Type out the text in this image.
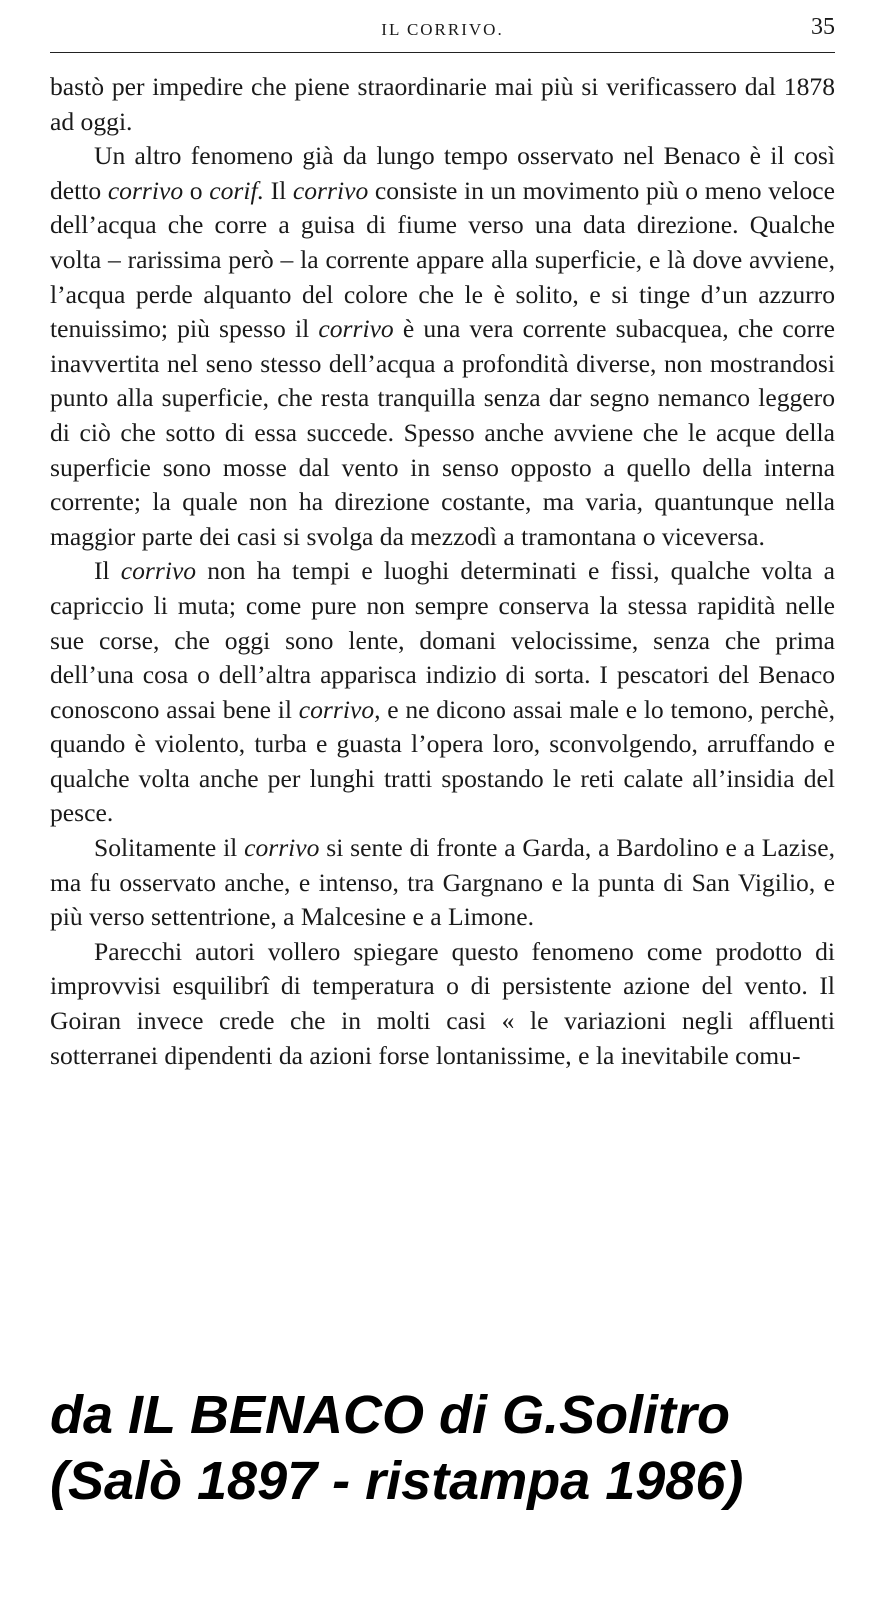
IL CORRIVO.	35

bastò per impedire che piene straordinarie mai più si verificassero dal 1878 ad oggi.

Un altro fenomeno già da lungo tempo osservato nel Benaco è il così detto corrivo o corif. Il corrivo consiste in un movimento più o meno veloce dell’acqua che corre a guisa di fiume verso una data direzione. Qualche volta – rarissima però – la corrente appare alla superficie, e là dove avviene, l’acqua perde alquanto del colore che le è solito, e si tinge d’un azzurro tenuissimo; più spesso il corrivo è una vera corrente subacquea, che corre inavvertita nel seno stesso dell’acqua a profondità diverse, non mostrandosi punto alla superficie, che resta tranquilla senza dar segno nemanco leggero di ciò che sotto di essa succede. Spesso anche avviene che le acque della superficie sono mosse dal vento in senso opposto a quello della interna corrente; la quale non ha direzione costante, ma varia, quantunque nella maggior parte dei casi si svolga da mezzodì a tramontana o viceversa.

Il corrivo non ha tempi e luoghi determinati e fissi, qualche volta a capriccio li muta; come pure non sempre conserva la stessa rapidità nelle sue corse, che oggi sono lente, domani velocissime, senza che prima dell’una cosa o dell’altra apparisca indizio di sorta. I pescatori del Benaco conoscono assai bene il corrivo, e ne dicono assai male e lo temono, perchè, quando è violento, turba e guasta l’opera loro, sconvolgendo, arruffando e qualche volta anche per lunghi tratti spostando le reti calate all’insidia del pesce.

Solitamente il corrivo si sente di fronte a Garda, a Bardolino e a Lazise, ma fu osservato anche, e intenso, tra Gargnano e la punta di San Vigilio, e più verso settentrione, a Malcesine e a Limone.

Parecchi autori vollero spiegare questo fenomeno come prodotto di improvvisi esquilibrî di temperatura o di persistente azione del vento. Il Goiran invece crede che in molti casi « le variazioni negli affluenti sotterranei dipendenti da azioni forse lontanissime, e la inevitabile comu-

da IL BENACO di G.Solitro
(Salò 1897 - ristampa 1986)
